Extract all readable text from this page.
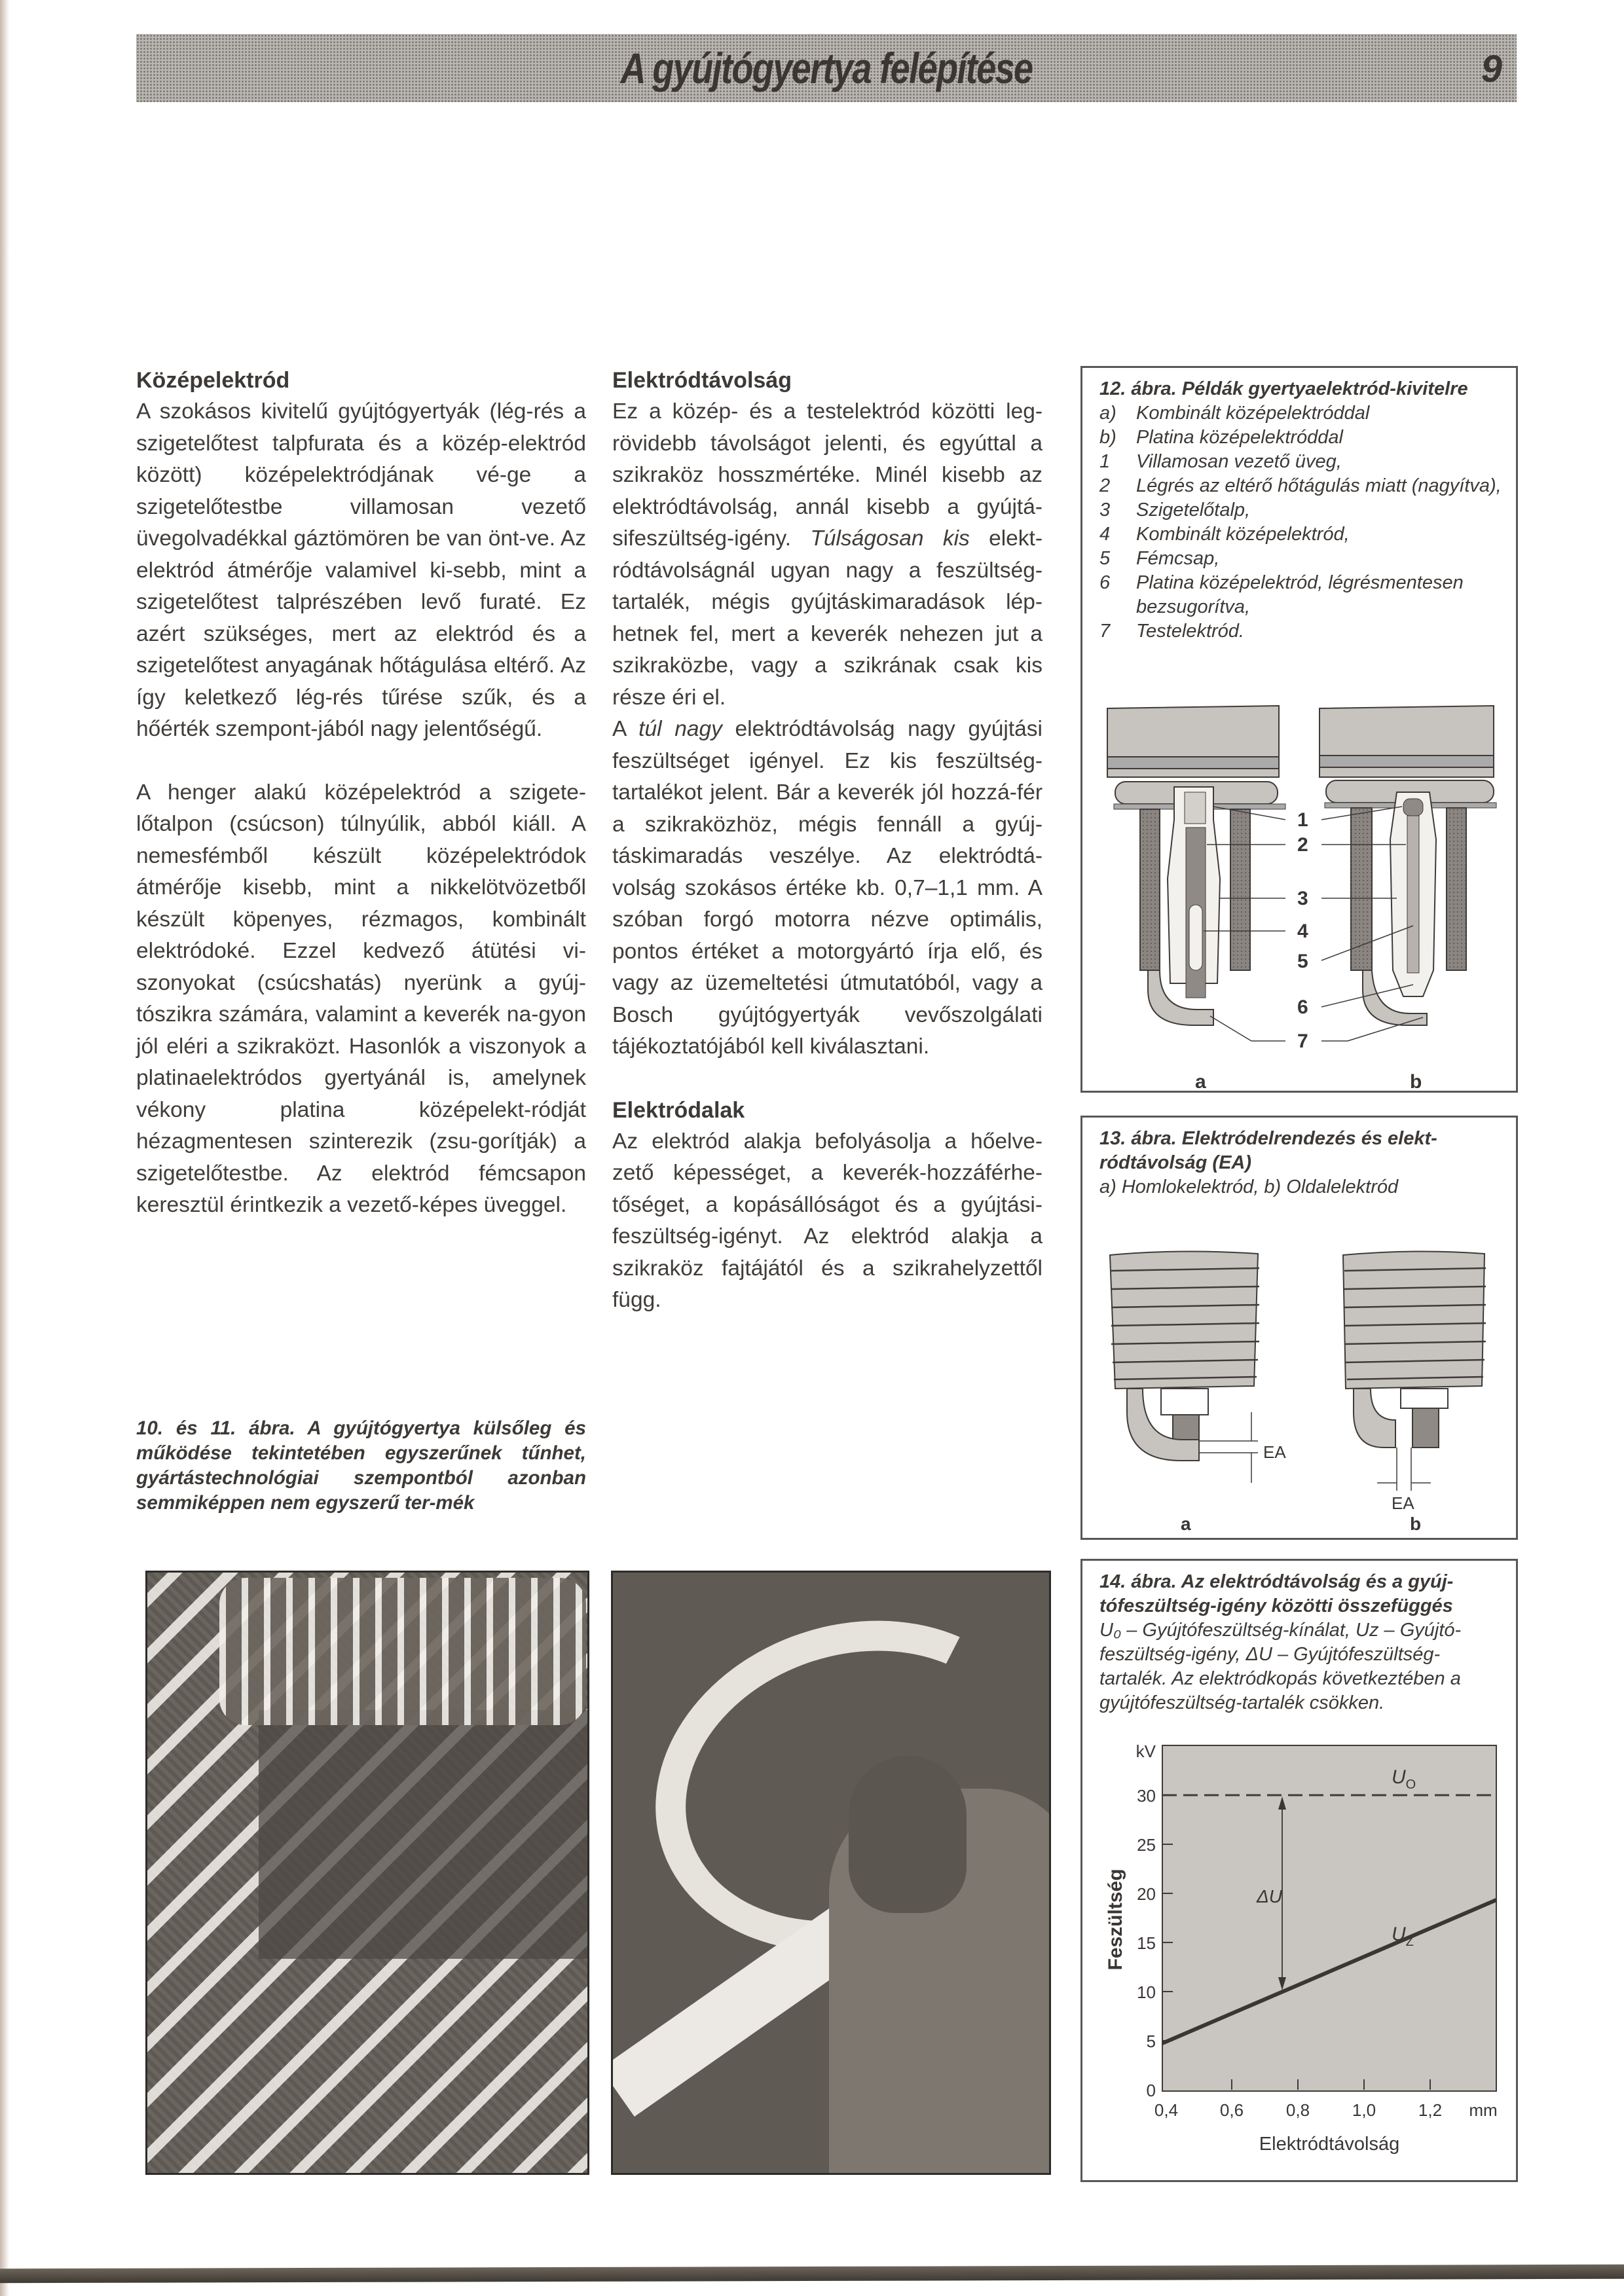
A gyújtógyertya felépítése	9
Középelektród

A szokásos kivitelű gyújtógyertyák (lég-rés a szigetelőtest talpfurata és a közép-elektród között) középelektródjának vé-ge a szigetelőtestbe villamosan vezető üvegolvadékkal gáztömören be van önt-ve. Az elektród átmérője valamivel ki-sebb, mint a szigetelőtest talprészében levő furaté. Ez azért szükséges, mert az elektród és a szigetelőtest anyagának hőtágulása eltérő. Az így keletkező lég-rés tűrése szűk, és a hőérték szempont-jából nagy jelentőségű.

A henger alakú középelektród a szigete-lőtalpon (csúcson) túlnyúlik, abból kiáll. A nemesfémből készült középelektródok átmérője kisebb, mint a nikkelötvözetből készült köpenyes, rézmagos, kombinált elektródoké. Ezzel kedvező átütési vi-szonyokat (csúcshatás) nyerünk a gyúj-tószikra számára, valamint a keverék na-gyon jól eléri a szikraközt. Hasonlók a viszonyok a platinaelektródos gyertyánál is, amelynek vékony platina középelekt-ródját hézagmentesen szinterezik (zsu-gorítják) a szigetelőtestbe. Az elektród fémcsapon keresztül érintkezik a vezető-képes üveggel.

Elektródtávolság

Ez a közép- és a testelektród közötti leg-rövidebb távolságot jelenti, és egyúttal a szikraköz hosszmértéke. Minél kisebb az elektródtávolság, annál kisebb a gyújtá-sifeszültség-igény. Túlságosan kis elekt-ródtávolságnál ugyan nagy a feszültség-tartalék, mégis gyújtáskimaradások lép-hetnek fel, mert a keverék nehezen jut a szikraközbe, vagy a szikrának csak kis része éri el.

A túl nagy elektródtávolság nagy gyújtási feszültséget igényel. Ez kis feszültség-tartalékot jelent. Bár a keverék jól hozzá-fér a szikraközhöz, mégis fennáll a gyúj-táskimaradás veszélye. Az elektródtá-volság szokásos értéke kb. 0,7–1,1 mm. A szóban forgó motorra nézve optimális, pontos értéket a motorgyártó írja elő, és vagy az üzemeltetési útmutatóból, vagy a Bosch gyújtógyertyák vevőszolgálati tájékoztatójából kell kiválasztani.

Elektródalak

Az elektród alakja befolyásolja a hőelve-zető képességet, a keverék-hozzáférhe-tőséget, a kopásállóságot és a gyújtási-feszültség-igényt. Az elektród alakja a szikraköz fajtájától és a szikrahelyzettől függ.

12. ábra. Példák gyertyaelektród-kivitelre
a)	Kombinált középelektróddal
b)	Platina középelektróddal
1	Villamosan vezető üveg,
2	Légrés az eltérő hőtágulás miatt (nagyítva),
3	Szigetelőtalp,
4	Kombinált középelektród,
5	Fémcsap,
6	Platina középelektród, légrésmentesen bezsugorítva,
7	Testelektród.
1
2
3
4
5
6
7
a	b
13. ábra. Elektródelrendezés és elekt-ródtávolság (EA)
a) Homlokelektród, b) Oldalelektród
EA
EA
a	b
10. és 11. ábra. A gyújtógyertya külsőleg és működése tekintetében egyszerűnek tűnhet, gyártástechnológiai szempontból azonban semmiképpen nem egyszerű ter-mék
14. ábra. Az elektródtávolság és a gyúj-tófeszültség-igény közötti összefüggés
U₀ – Gyújtófeszültség-kínálat, Uz – Gyújtó-feszültség-igény, ΔU – Gyújtófeszültség-tartalék. Az elektródkopás következtében a gyújtófeszültség-tartalék csökken.
kV
30
25
20
15
10
5
0
0,4 0,6 0,8 1,0 1,2 mm
Elektródtávolság
Feszültség	ΔU
$U_O$
$U_Z$
